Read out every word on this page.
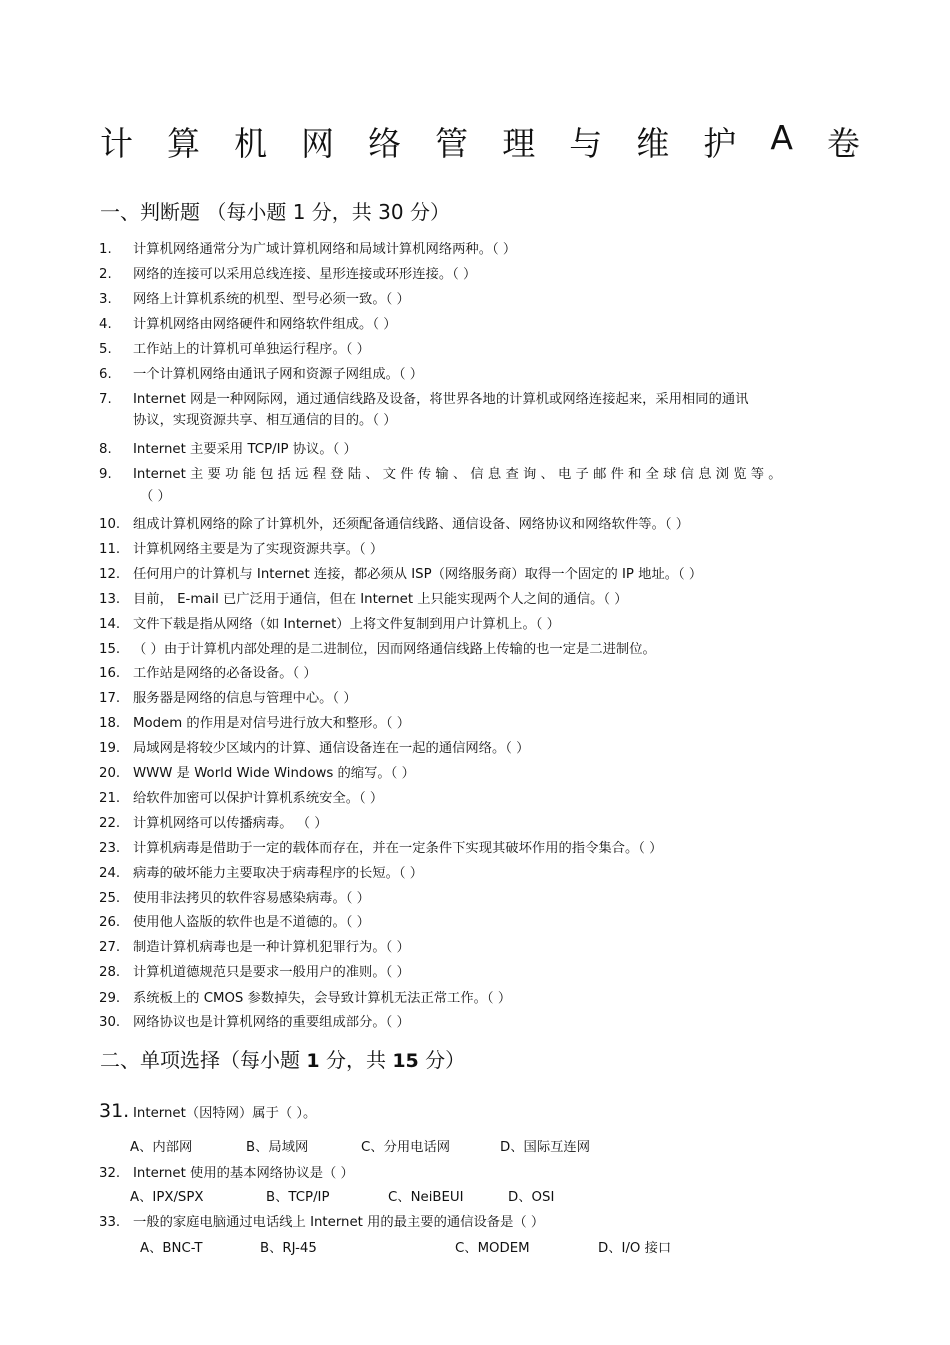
计 算 机 网 络 管 理 与 维 护 A 卷
一、判断题 （每小题 1 分，共 30 分）
1. 计算机网络通常分为广域计算机网络和局域计算机网络两种。（ ）
2. 网络的连接可以采用总线连接、星形连接或环形连接。（ ）
3. 网络上计算机系统的机型、型号必须一致。（ ）
4. 计算机网络由网络硬件和网络软件组成。（ ）
5. 工作站上的计算机可单独运行程序。（ ）
6. 一个计算机网络由通讯子网和资源子网组成。（ ）
7. Internet 网是一种网际网，通过通信线路及设备，将世界各地的计算机或网络连接起来，采用相同的通讯
8. Internet 主要采用 TCP/IP 协议。（ ）
9. Internet 主 要 功 能 包 括 远 程 登 陆 、 文 件 传 输 、 信 息 查 询 、 电 子 邮 件 和 全 球 信 息 浏 览 等 。
10. 组成计算机网络的除了计算机外，还须配备通信线路、通信设备、网络协议和网络软件等。（ ）
11. 计算机网络主要是为了实现资源共享。（ ）
12. 任何用户的计算机与 Internet 连接，都必须从 ISP（网络服务商）取得一个固定的 IP 地址。（ ）
13. 目前， E-mail 已广泛用于通信，但在 Internet 上只能实现两个人之间的通信。（ ）
14. 文件下载是指从网络（如 Internet）上将文件复制到用户计算机上。（ ）
15. （ ）由于计算机内部处理的是二进制位，因而网络通信线路上传输的也一定是二进制位。
16. 工作站是网络的必备设备。（ ）
17. 服务器是网络的信息与管理中心。（ ）
18. Modem 的作用是对信号进行放大和整形。（ ）
19. 局域网是将较少区域内的计算、通信设备连在一起的通信网络。（ ）
20. WWW 是 World Wide Windows 的缩写。（ ）
21. 给软件加密可以保护计算机系统安全。（ ）
22. 计算机网络可以传播病毒。 （ ）
23. 计算机病毒是借助于一定的载体而存在，并在一定条件下实现其破坏作用的指令集合。（ ）
24. 病毒的破坏能力主要取决于病毒程序的长短。（ ）
25. 使用非法拷贝的软件容易感染病毒。（ ）
26. 使用他人盗版的软件也是不道德的。（ ）
27. 制造计算机病毒也是一种计算机犯罪行为。（ ）
28. 计算机道德规范只是要求一般用户的准则。（ ）
29. 系统板上的 CMOS 参数掉失，会导致计算机无法正常工作。（ ）
30. 网络协议也是计算机网络的重要组成部分。（ ）
协议，实现资源共享、相互通信的目的。（ ）
（ ）
二、单项选择（每小题 1 分，共 15 分）
31. Internet（因特网）属于（ ）。
A、内部网	B、局域网	C、分用电话网	D、国际互连网
32. Internet 使用的基本网络协议是（ ）
A、IPX/SPX	B、TCP/IP	C、NeiBEUI	D、OSI
33. 一般的家庭电脑通过电话线上 Internet 用的最主要的通信设备是（ ）
A、BNC-T	B、RJ-45	C、MODEM	D、I/O 接口
